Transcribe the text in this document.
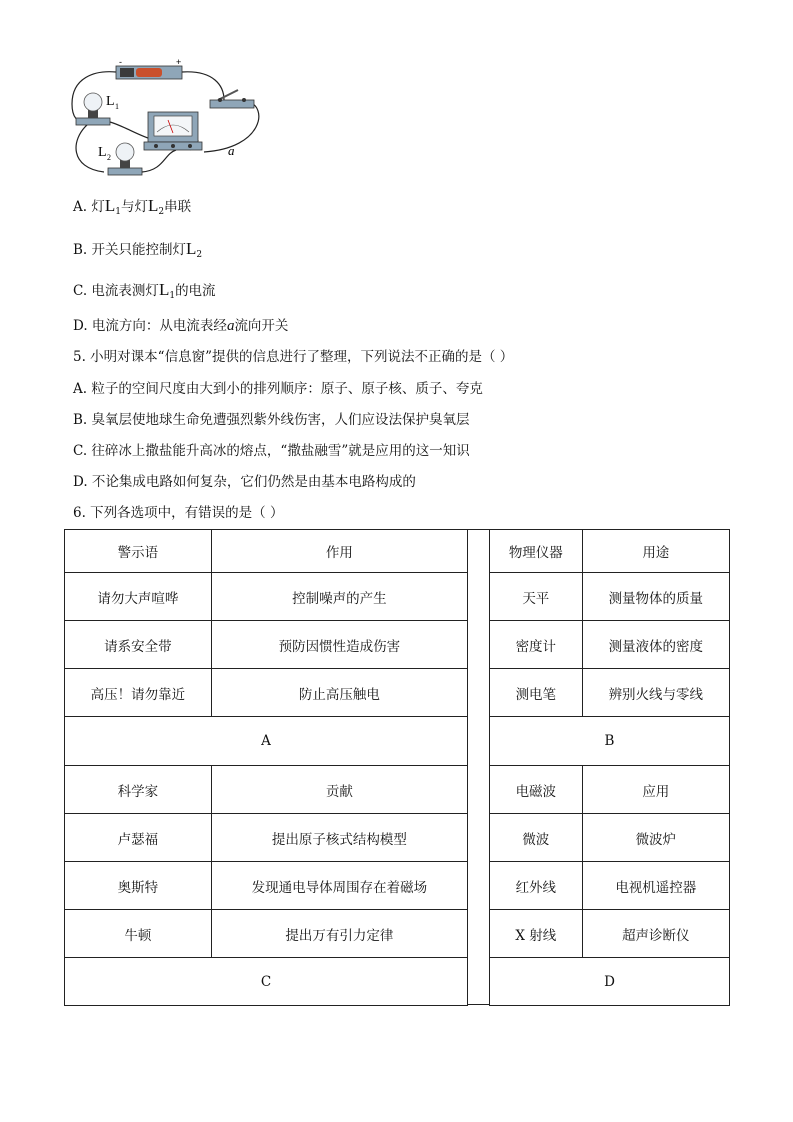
-	+
L 1
L 2	a
A. 灯$L_1$与灯$L_2$串联
B. 开关只能控制灯$L_2$
C. 电流表测灯$L_1$的电流
D. 电流方向：从电流表经a流向开关
5. 小明对课本“信息窗”提供的信息进行了整理，下列说法不正确的是（ ）
A. 粒子的空间尺度由大到小的排列顺序：原子、原子核、质子、夸克
B. 臭氧层使地球生命免遭强烈紫外线伤害，人们应设法保护臭氧层
C. 往碎冰上撒盐能升高冰的熔点，“撒盐融雪”就是应用的这一知识
D. 不论集成电路如何复杂，它们仍然是由基本电路构成的
6. 下列各选项中，有错误的是（ ）
警示语	作用
请勿大声喧哗	控制噪声的产生
请系安全带	预防因惯性造成伤害
高压！请勿靠近	防止高压触电
A	
科学家	贡献
卢瑟福	提出原子核式结构模型
奥斯特	发现通电导体周围存在着磁场
牛顿	提出万有引力定律
C	
物理仪器	用途
天平	测量物体的质量
密度计	测量液体的密度
测电笔	辨别火线与零线
B	
电磁波	应用
微波	微波炉
红外线	电视机遥控器
X 射线	超声诊断仪
D	
